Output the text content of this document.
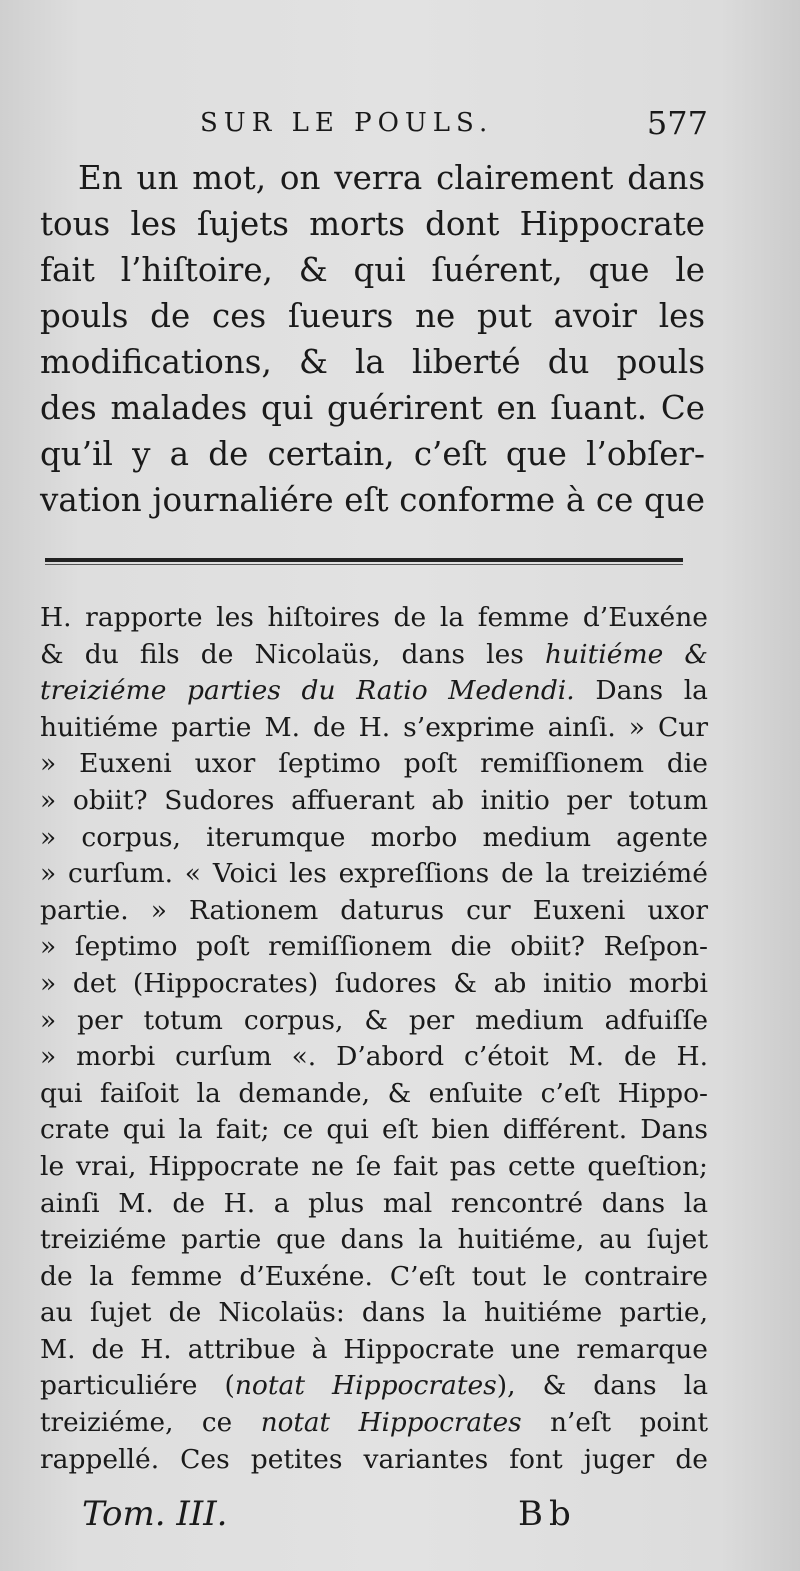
SUR LE POULS.	577
En un mot, on verra clairement dans
tous les ſujets morts dont Hippocrate
fait l’hiſtoire, & qui ſuérent, que le
pouls de ces ſueurs ne put avoir les
modifications, & la liberté du pouls
des malades qui guérirent en ſuant. Ce
qu’il y a de certain, c’eſt que l’obſer-
vation journaliére eſt conforme à ce que
H. rapporte les hiſtoires de la femme d’Euxéne
& du fils de Nicolaüs, dans les huitiéme &
treiziéme parties du Ratio Medendi. Dans la
huitiéme partie M. de H. s’exprime ainſi. » Cur
» Euxeni uxor ſeptimo poſt remiſſionem die
» obiit? Sudores affuerant ab initio per totum
» corpus, iterumque morbo medium agente
» curſum. « Voici les expreſſions de la treiziémé
partie. » Rationem daturus cur Euxeni uxor
» ſeptimo poſt remiſſionem die obiit? Reſpon-
» det (Hippocrates) ſudores & ab initio morbi
» per totum corpus, & per medium adfuiſſe
» morbi curſum «. D’abord c’étoit M. de H.
qui faiſoit la demande, & enſuite c’eſt Hippo-
crate qui la fait; ce qui eſt bien différent. Dans
le vrai, Hippocrate ne ſe fait pas cette queſtion;
ainſi M. de H. a plus mal rencontré dans la
treiziéme partie que dans la huitiéme, au ſujet
de la femme d’Euxéne. C’eſt tout le contraire
au ſujet de Nicolaüs: dans la huitiéme partie,
M. de H. attribue à Hippocrate une remarque
particuliére (notat Hippocrates), & dans la
treiziéme, ce notat Hippocrates n’eſt point
rappellé. Ces petites variantes font juger de
Tom. III.	Bb
